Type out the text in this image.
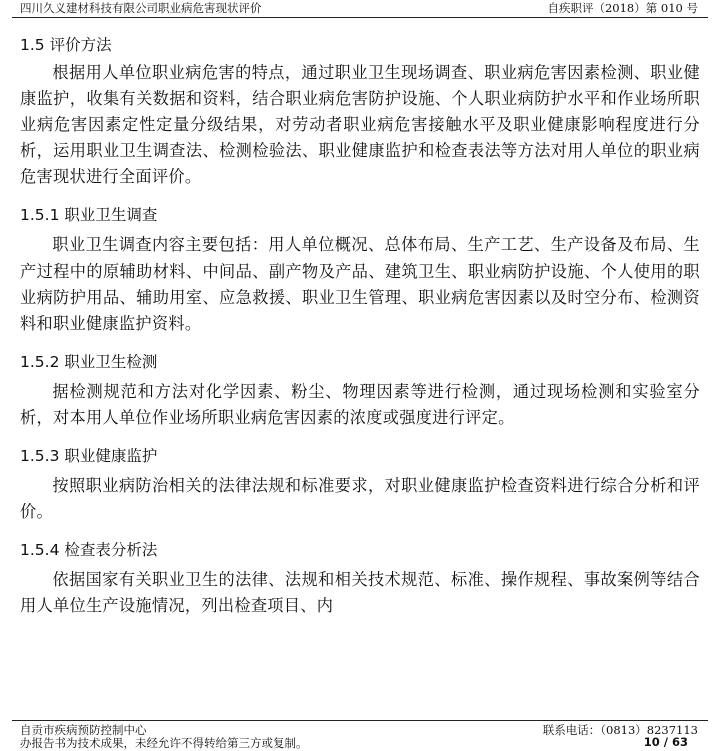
四川久义建材科技有限公司职业病危害现状评价	自疾职评（2018）第 010 号
1.5 评价方法

根据用人单位职业病危害的特点，通过职业卫生现场调查、职业病危害因素检测、职业健康监护，收集有关数据和资料，结合职业病危害防护设施、个人职业病防护水平和作业场所职业病危害因素定性定量分级结果，对劳动者职业病危害接触水平及职业健康影响程度进行分析，运用职业卫生调查法、检测检验法、职业健康监护和检查表法等方法对用人单位的职业病危害现状进行全面评价。

1.5.1 职业卫生调查

职业卫生调查内容主要包括：用人单位概况、总体布局、生产工艺、生产设备及布局、生产过程中的原辅助材料、中间品、副产物及产品、建筑卫生、职业病防护设施、个人使用的职业病防护用品、辅助用室、应急救援、职业卫生管理、职业病危害因素以及时空分布、检测资料和职业健康监护资料。

1.5.2 职业卫生检测

据检测规范和方法对化学因素、粉尘、物理因素等进行检测，通过现场检测和实验室分析，对本用人单位作业场所职业病危害因素的浓度或强度进行评定。

1.5.3 职业健康监护

按照职业病防治相关的法律法规和标准要求，对职业健康监护检查资料进行综合分析和评价。

1.5.4 检查表分析法

依据国家有关职业卫生的法律、法规和相关技术规范、标准、操作规程、事故案例等结合用人单位生产设施情况，列出检查项目、内

自贡市疾病预防控制中心	联系电话：（0813）8237113
办报告书为技术成果，未经允许不得转给第三方或复制。	10 / 63
